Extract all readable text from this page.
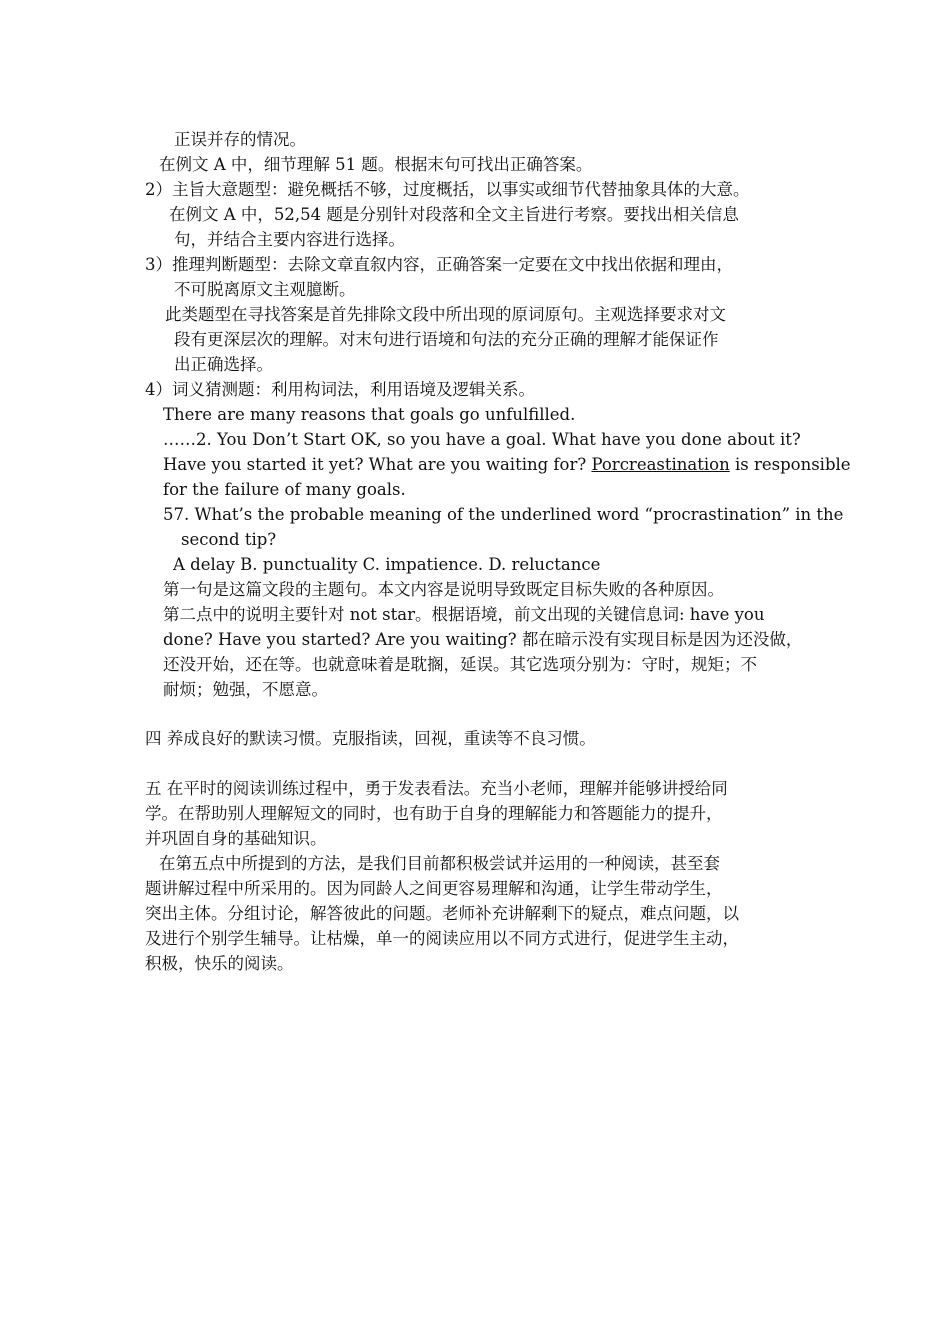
正误并存的情况。
在例文 A 中，细节理解 51 题。根据末句可找出正确答案。
2）主旨大意题型：避免概括不够，过度概括，以事实或细节代替抽象具体的大意。
在例文 A 中，52,54 题是分别针对段落和全文主旨进行考察。要找出相关信息
句，并结合主要内容进行选择。
3）推理判断题型：去除文章直叙内容，正确答案一定要在文中找出依据和理由，
不可脱离原文主观臆断。
此类题型在寻找答案是首先排除文段中所出现的原词原句。主观选择要求对文
段有更深层次的理解。对末句进行语境和句法的充分正确的理解才能保证作
出正确选择。
4）词义猜测题：利用构词法，利用语境及逻辑关系。
There are many reasons that goals go unfulfilled.
……2. You Don’t Start OK, so you have a goal. What have you done about it?
Have you started it yet? What are you waiting for? Porcreastination is responsible
for the failure of many goals.
57. What’s the probable meaning of the underlined word “procrastination” in the
second tip?
A delay B. punctuality C. impatience. D. reluctance
第一句是这篇文段的主题句。本文内容是说明导致既定目标失败的各种原因。
第二点中的说明主要针对 not star。根据语境，前文出现的关键信息词: have you
done? Have you started? Are you waiting? 都在暗示没有实现目标是因为还没做，
还没开始，还在等。也就意味着是耽搁，延误。其它选项分别为：守时，规矩；不
耐烦；勉强，不愿意。
四 养成良好的默读习惯。克服指读，回视，重读等不良习惯。
五 在平时的阅读训练过程中，勇于发表看法。充当小老师，理解并能够讲授给同
学。在帮助别人理解短文的同时，也有助于自身的理解能力和答题能力的提升，
并巩固自身的基础知识。
在第五点中所提到的方法，是我们目前都积极尝试并运用的一种阅读，甚至套
题讲解过程中所采用的。因为同龄人之间更容易理解和沟通，让学生带动学生，
突出主体。分组讨论，解答彼此的问题。老师补充讲解剩下的疑点，难点问题，以
及进行个别学生辅导。让枯燥，单一的阅读应用以不同方式进行，促进学生主动，
积极，快乐的阅读。
